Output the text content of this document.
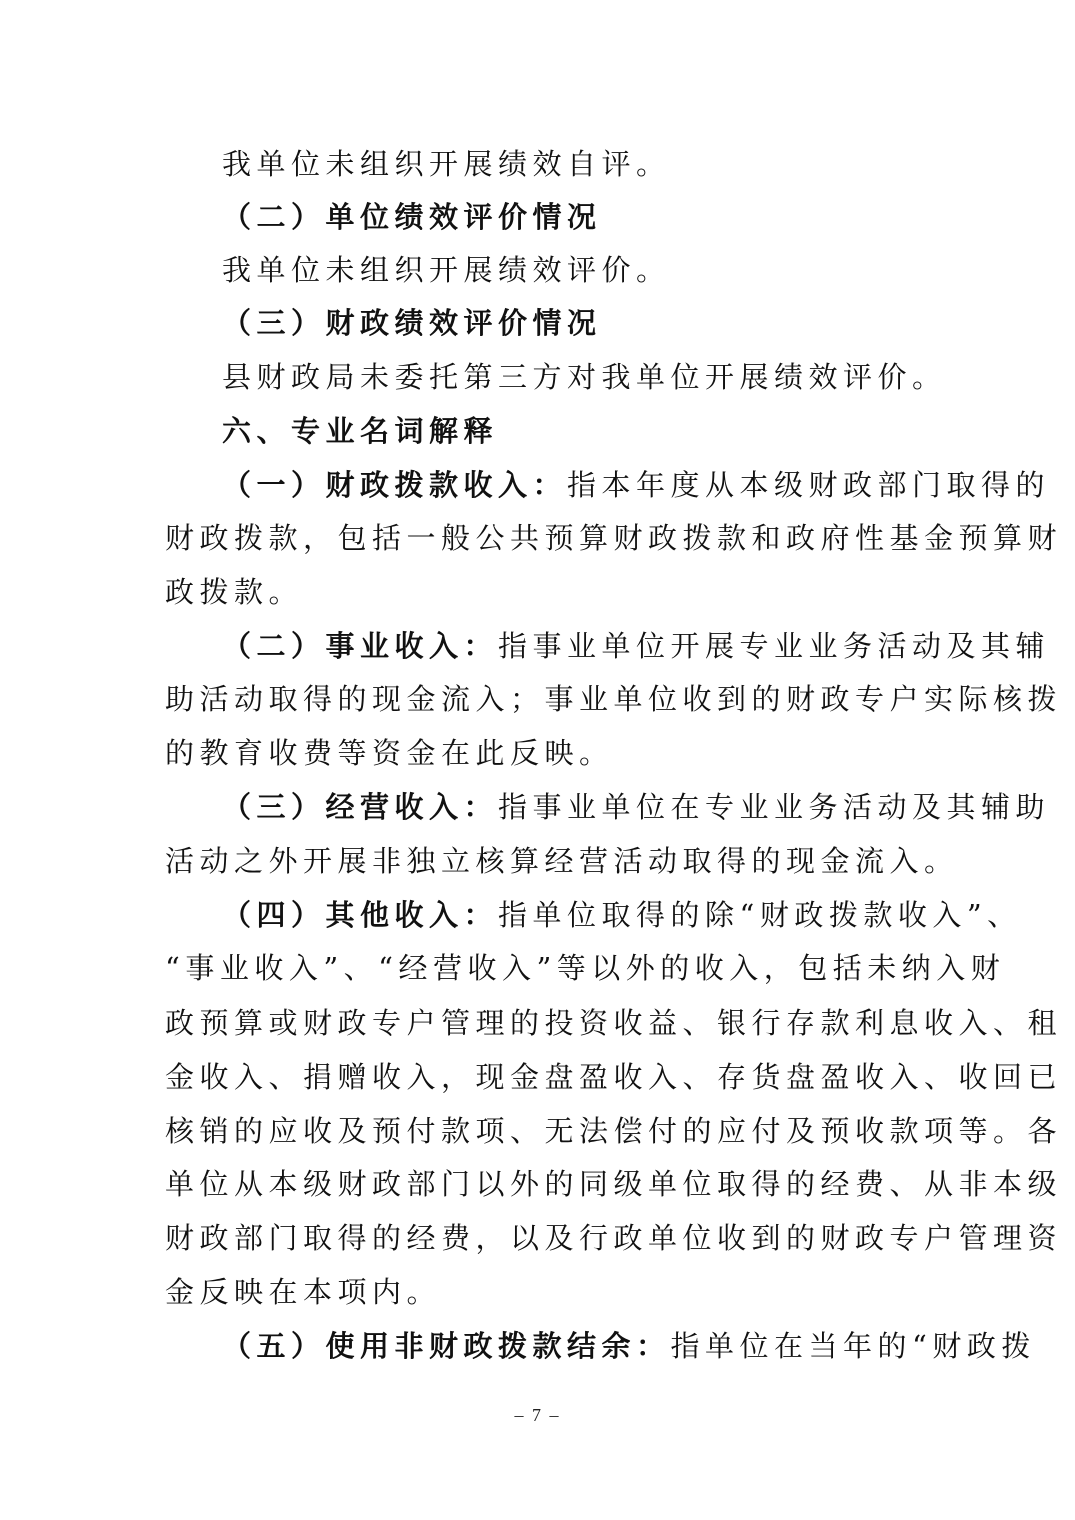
我单位未组织开展绩效自评。
（二）单位绩效评价情况
我单位未组织开展绩效评价。
（三）财政绩效评价情况
县财政局未委托第三方对我单位开展绩效评价。
六、专业名词解释
（一）财政拨款收入：指本年度从本级财政部门取得的
财政拨款，包括一般公共预算财政拨款和政府性基金预算财
政拨款。
（二）事业收入：指事业单位开展专业业务活动及其辅
助活动取得的现金流入；事业单位收到的财政专户实际核拨
的教育收费等资金在此反映。
（三）经营收入：指事业单位在专业业务活动及其辅助
活动之外开展非独立核算经营活动取得的现金流入。
（四）其他收入：指单位取得的除“财政拨款收入”、
“事业收入”、“经营收入”等以外的收入，包括未纳入财
政预算或财政专户管理的投资收益、银行存款利息收入、租
金收入、捐赠收入，现金盘盈收入、存货盘盈收入、收回已
核销的应收及预付款项、无法偿付的应付及预收款项等。各
单位从本级财政部门以外的同级单位取得的经费、从非本级
财政部门取得的经费，以及行政单位收到的财政专户管理资
金反映在本项内。
（五）使用非财政拨款结余：指单位在当年的“财政拨
– 7 –
